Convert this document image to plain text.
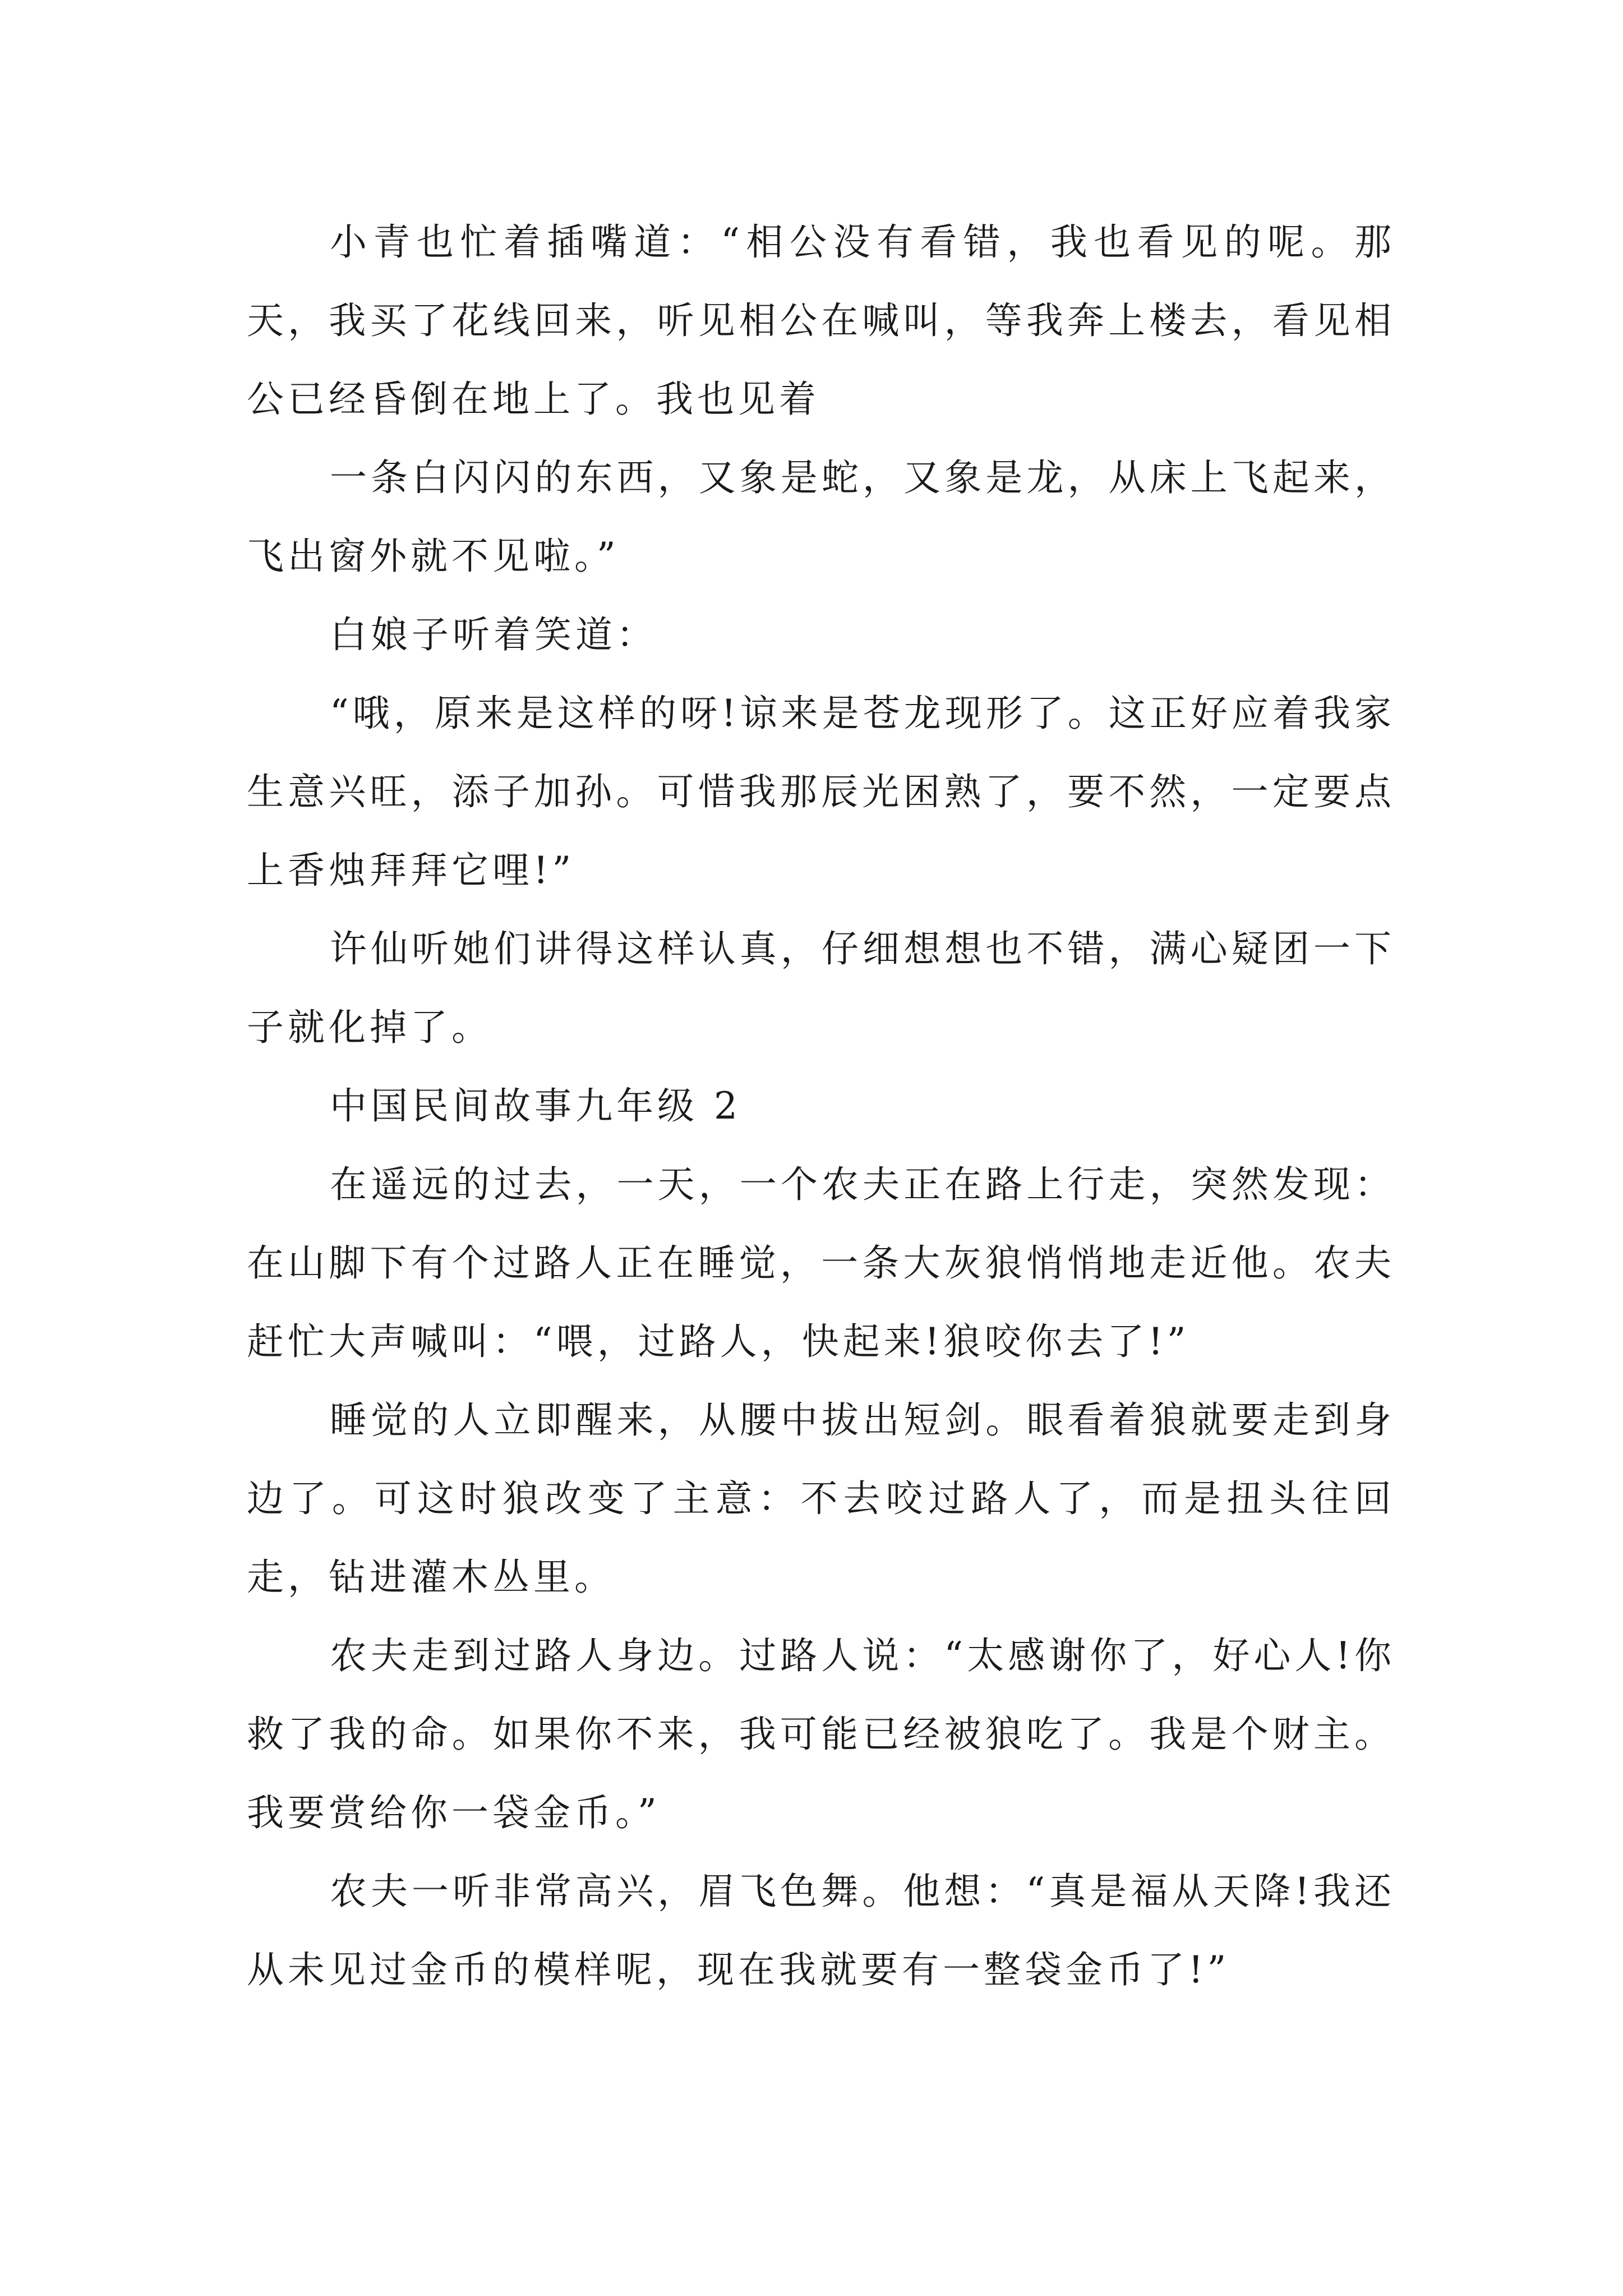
小青也忙着插嘴道：“相公没有看错，我也看见的呢。那天，我买了花线回来，听见相公在喊叫，等我奔上楼去，看见相公已经昏倒在地上了。我也见着

一条白闪闪的东西，又象是蛇，又象是龙，从床上飞起来，飞出窗外就不见啦。”

白娘子听着笑道：

“哦，原来是这样的呀!谅来是苍龙现形了。这正好应着我家生意兴旺，添子加孙。可惜我那辰光困熟了，要不然，一定要点上香烛拜拜它哩!”

许仙听她们讲得这样认真，仔细想想也不错，满心疑团一下子就化掉了。

中国民间故事九年级 2

在遥远的过去，一天，一个农夫正在路上行走，突然发现：在山脚下有个过路人正在睡觉，一条大灰狼悄悄地走近他。农夫赶忙大声喊叫：“喂，过路人，快起来!狼咬你去了!”

睡觉的人立即醒来，从腰中拔出短剑。眼看着狼就要走到身边了。可这时狼改变了主意：不去咬过路人了，而是扭头往回走，钻进灌木丛里。

农夫走到过路人身边。过路人说：“太感谢你了，好心人!你救了我的命。如果你不来，我可能已经被狼吃了。我是个财主。我要赏给你一袋金币。”

农夫一听非常高兴，眉飞色舞。他想：“真是福从天降!我还从未见过金币的模样呢，现在我就要有一整袋金币了!”
